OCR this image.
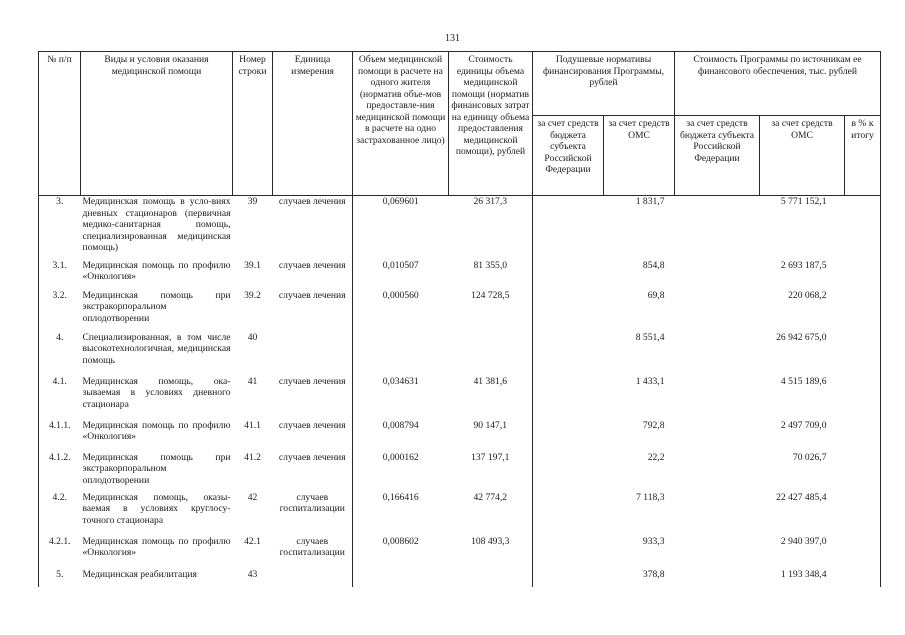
131
№ п/п	Виды и условия оказания медицинской помощи	Номер строки	Единица измерения	Объем медицинской помощи в расчете на одного жителя (норматив объе-мов предоставле-ния медицинской помощи в расчете на одно застрахованное лицо)	Стоимость единицы объема медицинской помощи (норматив финансовых затрат на единицу объема предоставления медицинской помощи), рублей	Подушевые нормативы финансирования Программы, рублей		Стоимость Программы по источникам ее финансового обеспечения, тыс. рублей		
						за счет средств бюджета субъекта Российской Федерации	за счет средств ОМС	за счет средств бюджета субъекта Российской Федерации	за счет средств ОМС	в % к итогу
3.	Медицинская помощь в усло-виях дневных стационаров (первичная медико-санитарная помощь, специализированная медицинская помощь)	39	случаев лечения	0,069601	26 317,3		1 831,7		5 771 152,1	
3.1.	Медицинская помощь по профилю «Онкология»	39.1	случаев лечения	0,010507	81 355,0		854,8		2 693 187,5	
3.2.	Медицинская помощь при экстракорпоральном оплодотворении	39.2	случаев лечения	0,000560	124 728,5		69,8		220 068,2	
4.	Специализированная, в том числе высокотехнологичная, медицинская помощь	40					8 551,4		26 942 675,0	
4.1.	Медицинская помощь, ока-зываемая в условиях дневного стационара	41	случаев лечения	0,034631	41 381,6		1 433,1		4 515 189,6	
4.1.1.	Медицинская помощь по профилю «Онкология»	41.1	случаев лечения	0,008794	90 147,1		792,8		2 497 709,0	
4.1.2.	Медицинская помощь при экстракорпоральном оплодотворении	41.2	случаев лечения	0,000162	137 197,1		22,2		70 026,7	
4.2.	Медицинская помощь, оказы-ваемая в условиях круглосу-точного стационара	42	случаев госпитализации	0,166416	42 774,2		7 118,3		22 427 485,4	
4.2.1.	Медицинская помощь по профилю «Онкология»	42.1	случаев госпитализации	0,008602	108 493,3		933,3		2 940 397,0	
5.	Медицинская реабилитация	43					378,8		1 193 348,4	
